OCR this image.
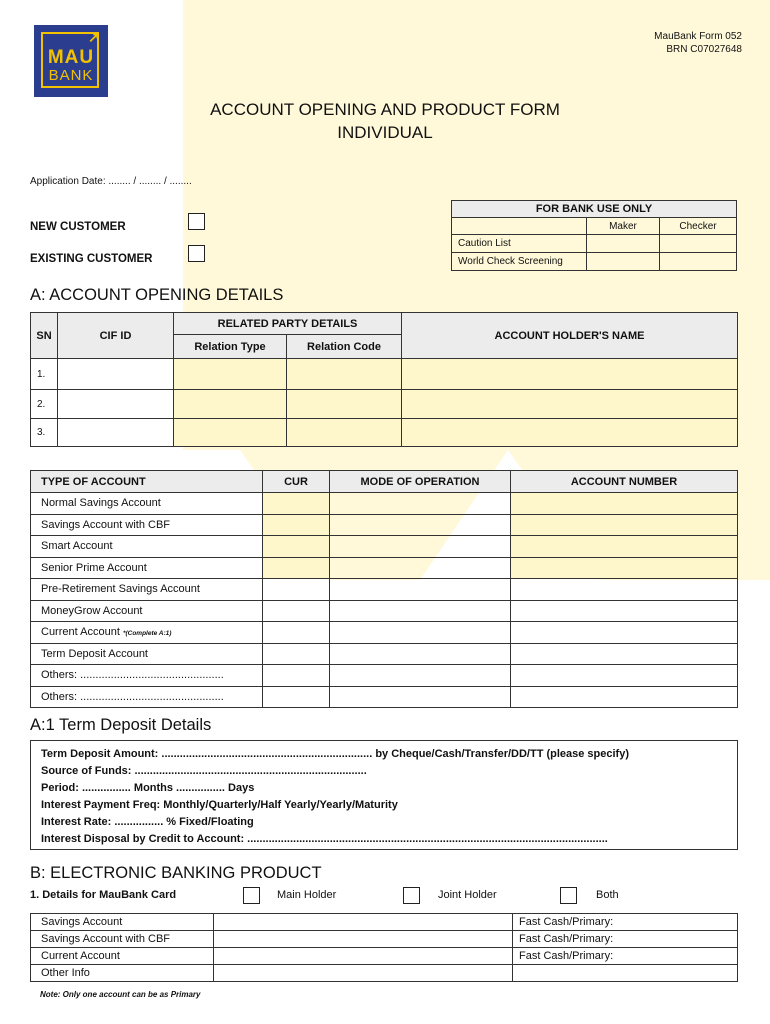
↗
MAU
BANK
MauBank Form 052
BRN C07027648
ACCOUNT OPENING AND PRODUCT FORM
INDIVIDUAL
Application Date: ........ / ........ / ........
NEW CUSTOMER
EXISTING CUSTOMER
FOR BANK USE ONLY		
	Maker	Checker
Caution List		
World Check Screening		
A: ACCOUNT OPENING DETAILS
SN	CIF ID	RELATED PARTY DETAILS		ACCOUNT HOLDER'S NAME
		Relation Type	Relation Code	
1.				
2.				
3.				
TYPE OF ACCOUNT	CUR	MODE OF OPERATION	ACCOUNT NUMBER
Normal Savings Account			
Savings Account with CBF			
Smart Account			
Senior Prime Account			
Pre-Retirement Savings Account			
MoneyGrow Account			
Current Account *(Complete A:1)			
Term Deposit Account			
Others: ...............................................			
Others: ...............................................			
A:1 Term Deposit Details
Term Deposit Amount: ..................................................................... by Cheque/Cash/Transfer/DD/TT (please specify)
Source of Funds: ............................................................................
Period: ................ Months ................ Days
Interest Payment Freq: Monthly/Quarterly/Half Yearly/Yearly/Maturity
Interest Rate: ................ % Fixed/Floating
Interest Disposal by Credit to Account: ......................................................................................................................
B: ELECTRONIC BANKING PRODUCT
1. Details for MauBank Card	Main Holder	Joint Holder	Both
Savings Account		Fast Cash/Primary:
Savings Account with CBF		Fast Cash/Primary:
Current Account		Fast Cash/Primary:
Other Info		
Note: Only one account can be as Primary
